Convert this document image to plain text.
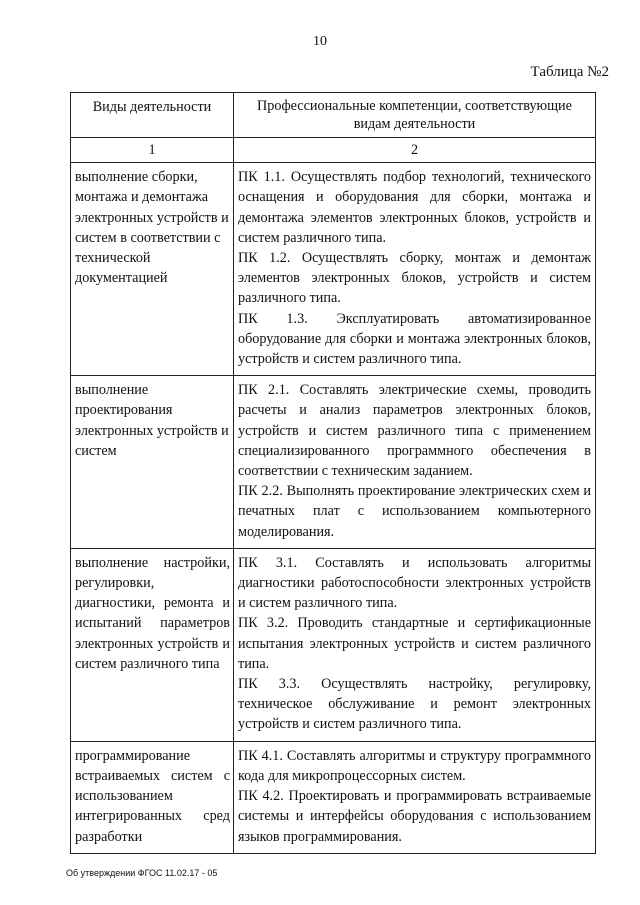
10
Таблица №2
Виды деятельности	Профессиональные компетенции, соответствующие видам деятельности
1	2
выполнение сборки, монтажа и демонтажа электронных устройств и систем в соответствии с технической документацией	ПК 1.1. Осуществлять подбор технологий, технического оснащения и оборудования для сборки, монтажа и демонтажа элементов электронных блоков, устройств и систем различного типа.

ПК 1.2. Осуществлять сборку, монтаж и демонтаж элементов электронных блоков, устройств и систем различного типа.

ПК 1.3. Эксплуатировать автоматизированное оборудование для сборки и монтажа электронных блоков, устройств и систем различного типа.

выполнение проектирования электронных устройств и систем	ПК 2.1. Составлять электрические схемы, проводить расчеты и анализ параметров электронных блоков, устройств и систем различного типа с применением специализированного программного обеспечения в соответствии с техническим заданием.

ПК 2.2. Выполнять проектирование электрических схем и печатных плат с использованием компьютерного моделирования.

выполнение настройки, регулировки, диагностики, ремонта и испытаний параметров электронных устройств и систем различного типа	ПК 3.1. Составлять и использовать алгоритмы диагностики работоспособности электронных устройств и систем различного типа.

ПК 3.2. Проводить стандартные и сертификационные испытания электронных устройств и систем различного типа.

ПК 3.3. Осуществлять настройку, регулировку, техническое обслуживание и ремонт электронных устройств и систем различного типа.

программирование встраиваемых систем с использованием интегрированных сред разработки	ПК 4.1. Составлять алгоритмы и структуру программного кода для микропроцессорных систем.

ПК 4.2. Проектировать и программировать встраиваемые системы и интерфейсы оборудования с использованием языков программирования.

Об утверждении ФГОС 11.02.17 - 05
